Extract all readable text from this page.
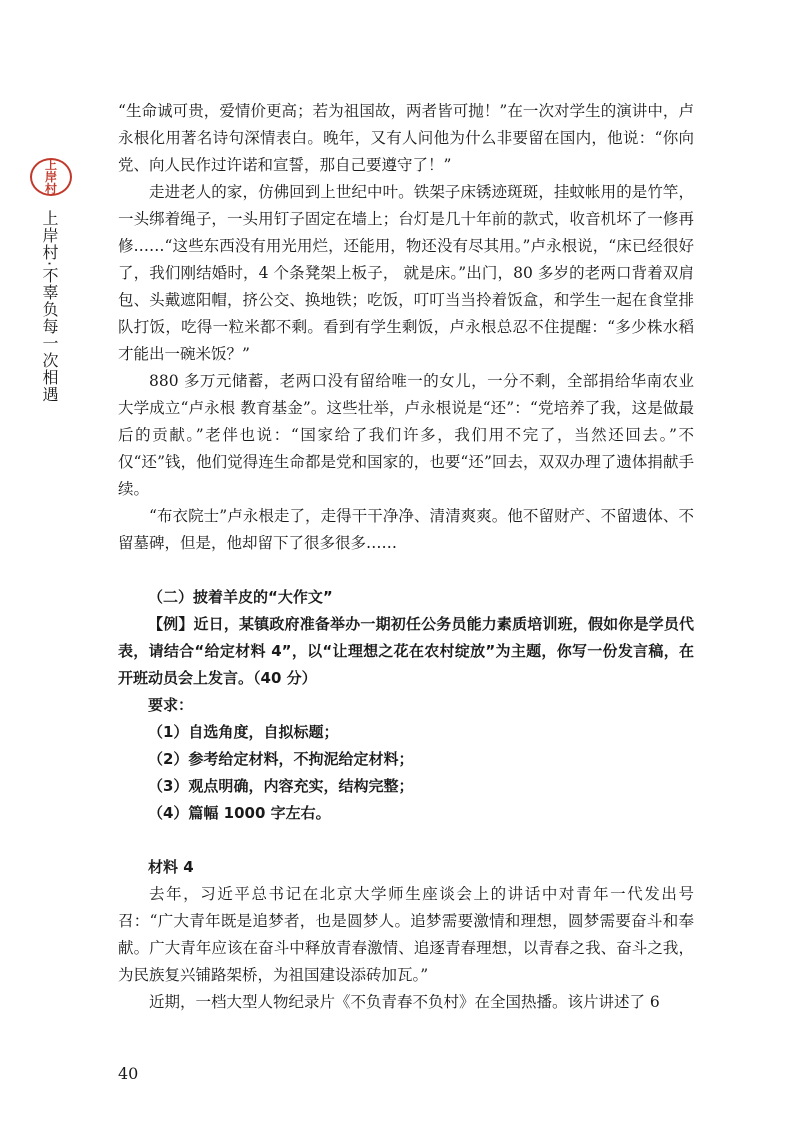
上岸村
上岸村·不辜负每一次相遇

“生命诚可贵，爱情价更高；若为祖国故，两者皆可抛！”在一次对学生的演讲中，卢永根化用著名诗句深情表白。晚年，又有人问他为什么非要留在国内，他说：“你向党、向人民作过许诺和宣誓，那自己要遵守了！”

走进老人的家，仿佛回到上世纪中叶。铁架子床锈迹斑斑，挂蚊帐用的是竹竿，一头绑着绳子，一头用钉子固定在墙上；台灯是几十年前的款式，收音机坏了一修再修……“这些东西没有用光用烂，还能用，物还没有尽其用。”卢永根说，“床已经很好了，我们刚结婚时，4 个条凳架上板子， 就是床。”出门，80 多岁的老两口背着双肩包、头戴遮阳帽，挤公交、换地铁；吃饭，叮叮当当拎着饭盒，和学生一起在食堂排队打饭，吃得一粒米都不剩。看到有学生剩饭，卢永根总忍不住提醒：“多少株水稻才能出一碗米饭？”

880 多万元储蓄，老两口没有留给唯一的女儿，一分不剩，全部捐给华南农业大学成立“卢永根 教育基金”。这些壮举，卢永根说是“还”：“党培养了我，这是做最后的贡献。”老伴也说：“国家给了我们许多，我们用不完了，当然还回去。”不仅“还”钱，他们觉得连生命都是党和国家的，也要“还”回去，双双办理了遗体捐献手续。

“布衣院士”卢永根走了，走得干干净净、清清爽爽。他不留财产、不留遗体、不留墓碑，但是，他却留下了很多很多……

（二）披着羊皮的“大作文”

【例】近日，某镇政府准备举办一期初任公务员能力素质培训班，假如你是学员代表，请结合“给定材料 4”，以“让理想之花在农村绽放”为主题，你写一份发言稿，在开班动员会上发言。（40 分）

要求：

（1）自选角度，自拟标题；

（2）参考给定材料，不拘泥给定材料；

（3）观点明确，内容充实，结构完整；

（4）篇幅 1000 字左右。

材料 4

去年，习近平总书记在北京大学师生座谈会上的讲话中对青年一代发出号召：“广大青年既是追梦者，也是圆梦人。追梦需要激情和理想，圆梦需要奋斗和奉献。广大青年应该在奋斗中释放青春激情、追逐青春理想，以青春之我、奋斗之我，为民族复兴铺路架桥，为祖国建设添砖加瓦。”

近期，一档大型人物纪录片《不负青春不负村》在全国热播。该片讲述了 6

40
